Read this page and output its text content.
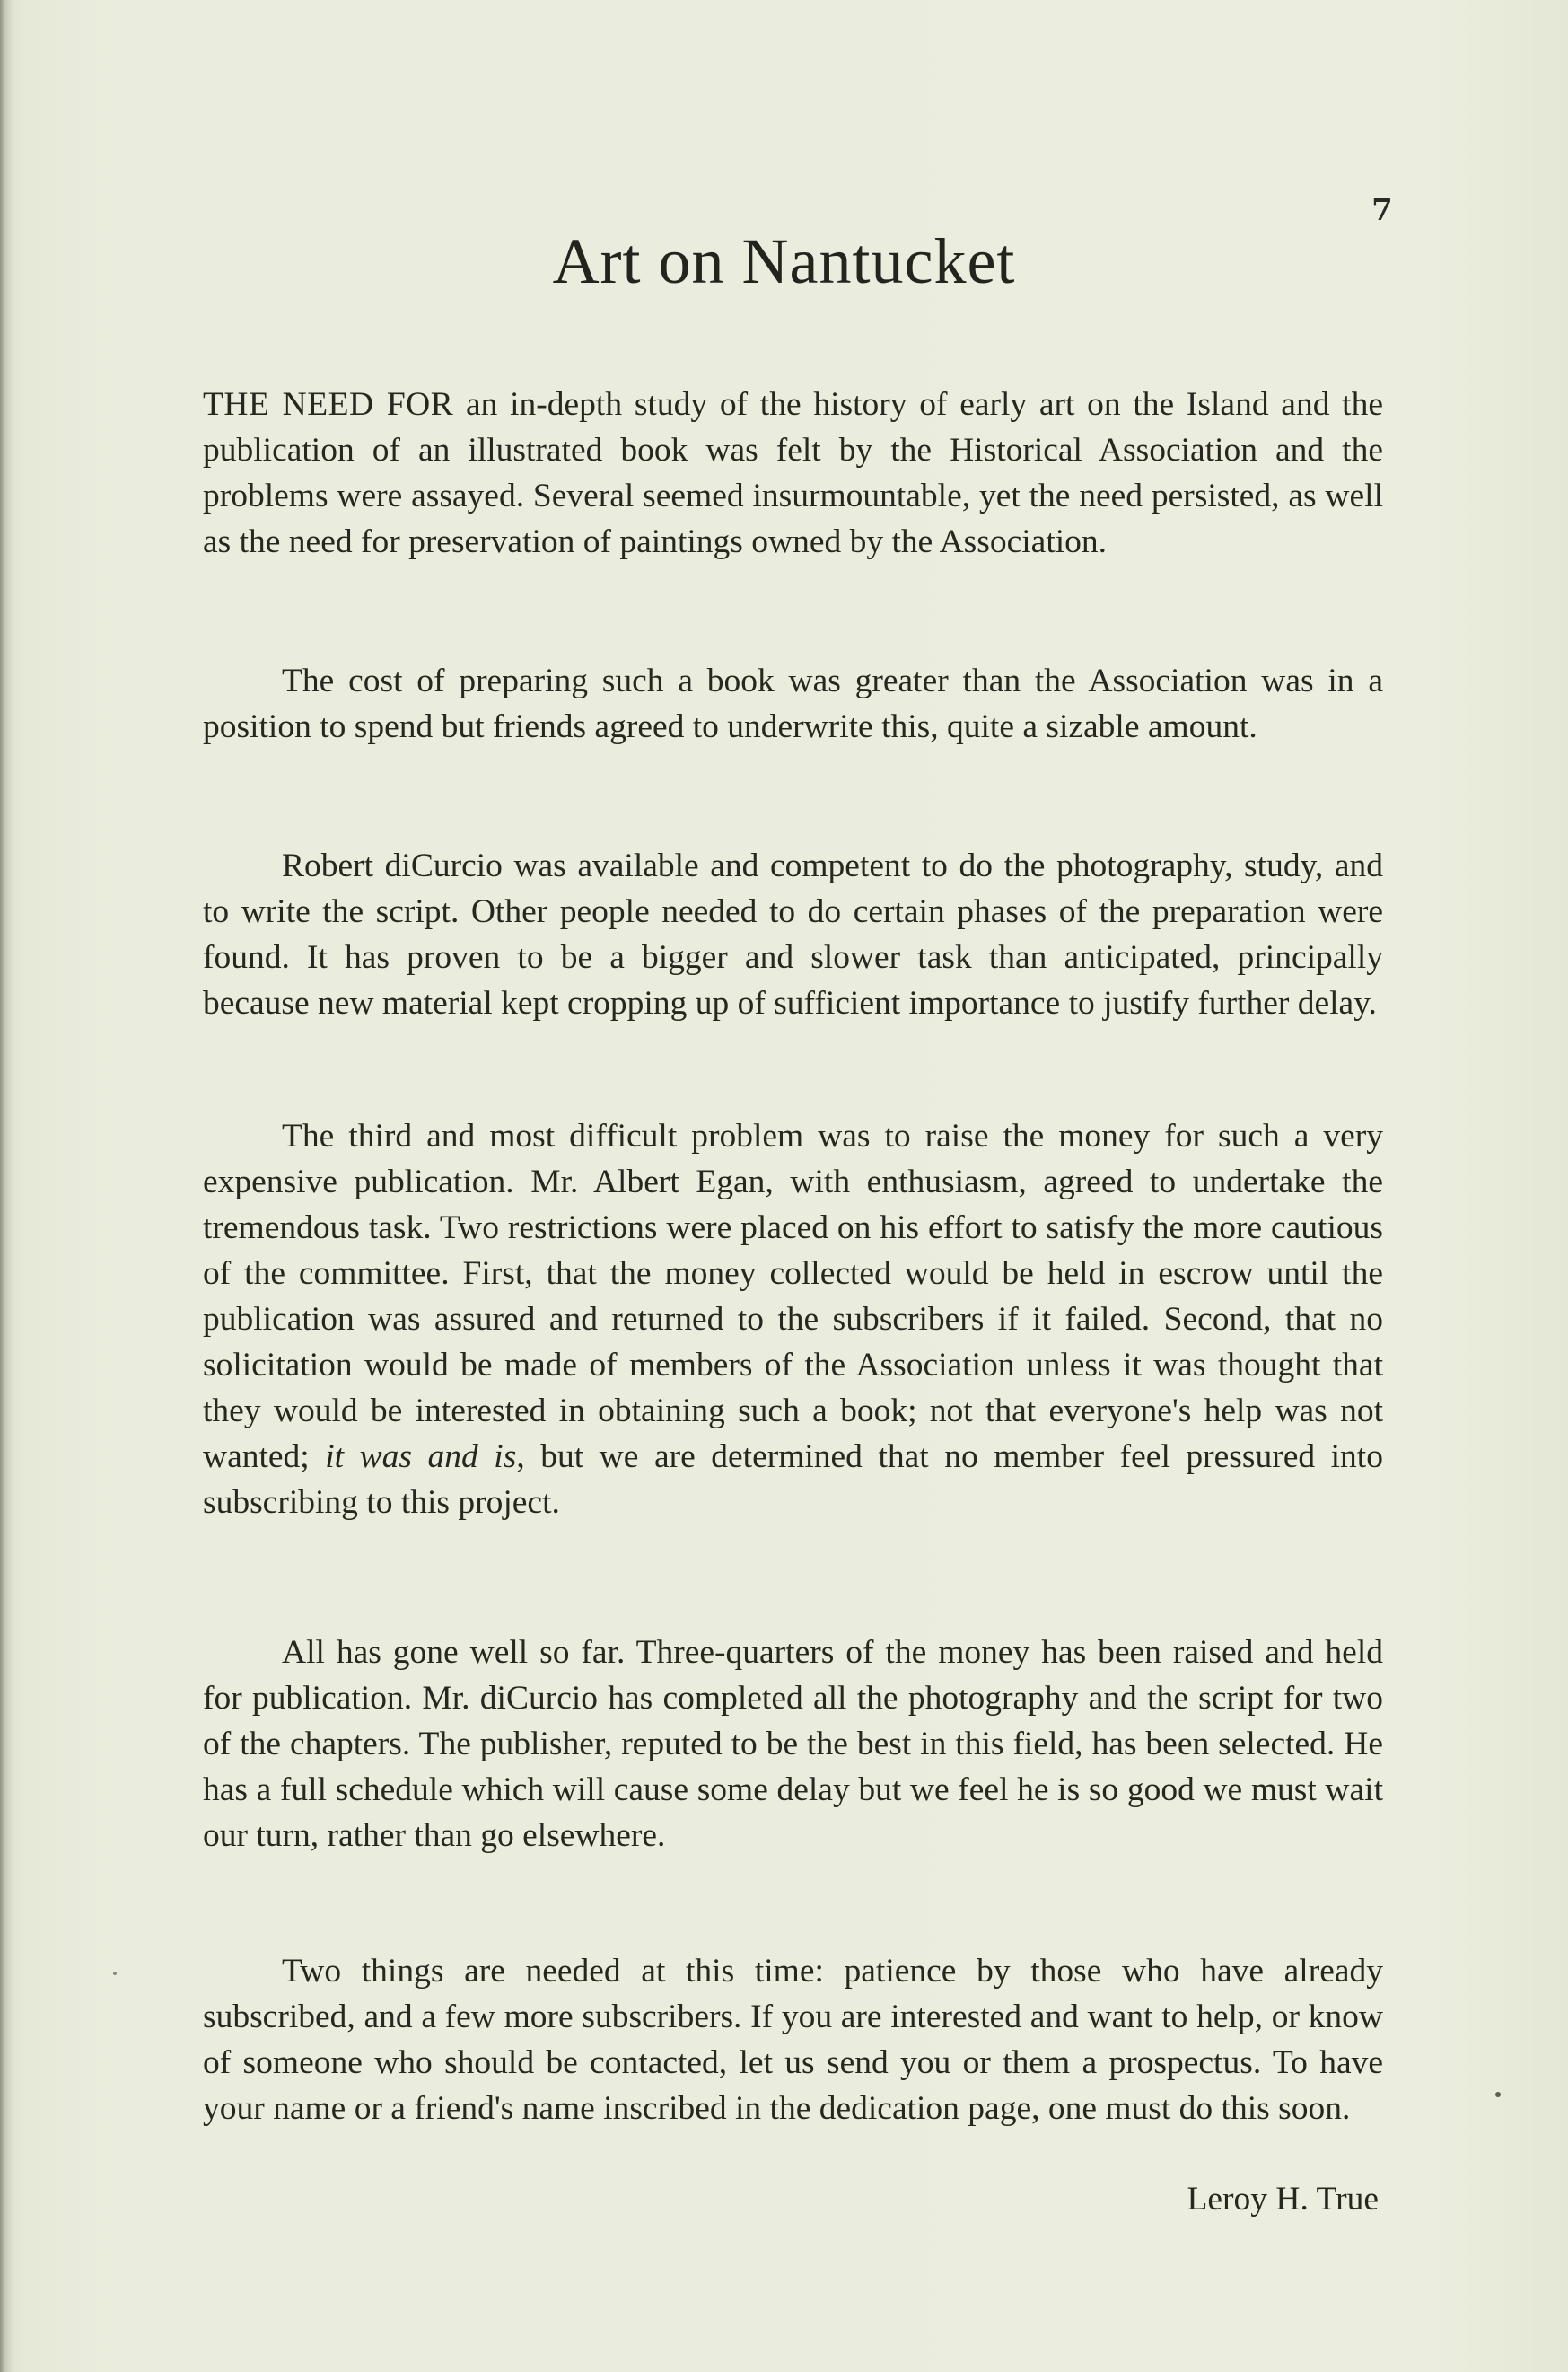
7
Art on Nantucket

THE NEED FOR an in-depth study of the history of early art on the Island and the publication of an illustrated book was felt by the Historical Association and the problems were assayed. Several seemed insurmountable, yet the need persisted, as well as the need for preservation of paintings owned by the Association.

The cost of preparing such a book was greater than the Association was in a position to spend but friends agreed to underwrite this, quite a sizable amount.

Robert diCurcio was available and competent to do the photography, study, and to write the script. Other people needed to do certain phases of the preparation were found. It has proven to be a bigger and slower task than anticipated, principally because new material kept cropping up of sufficient importance to justify further delay.

The third and most difficult problem was to raise the money for such a very expensive publication. Mr. Albert Egan, with enthusiasm, agreed to undertake the tremendous task. Two restrictions were placed on his effort to satisfy the more cautious of the committee. First, that the money collected would be held in escrow until the publication was assured and returned to the subscribers if it failed. Second, that no solicitation would be made of members of the Association unless it was thought that they would be interested in obtaining such a book; not that everyone's help was not wanted; it was and is, but we are determined that no member feel pressured into subscribing to this project.

All has gone well so far. Three-quarters of the money has been raised and held for publication. Mr. diCurcio has completed all the photography and the script for two of the chapters. The publisher, reputed to be the best in this field, has been selected. He has a full schedule which will cause some delay but we feel he is so good we must wait our turn, rather than go elsewhere.

Two things are needed at this time: patience by those who have already subscribed, and a few more subscribers. If you are interested and want to help, or know of someone who should be contacted, let us send you or them a prospectus. To have your name or a friend's name inscribed in the dedication page, one must do this soon.

Leroy H. True
